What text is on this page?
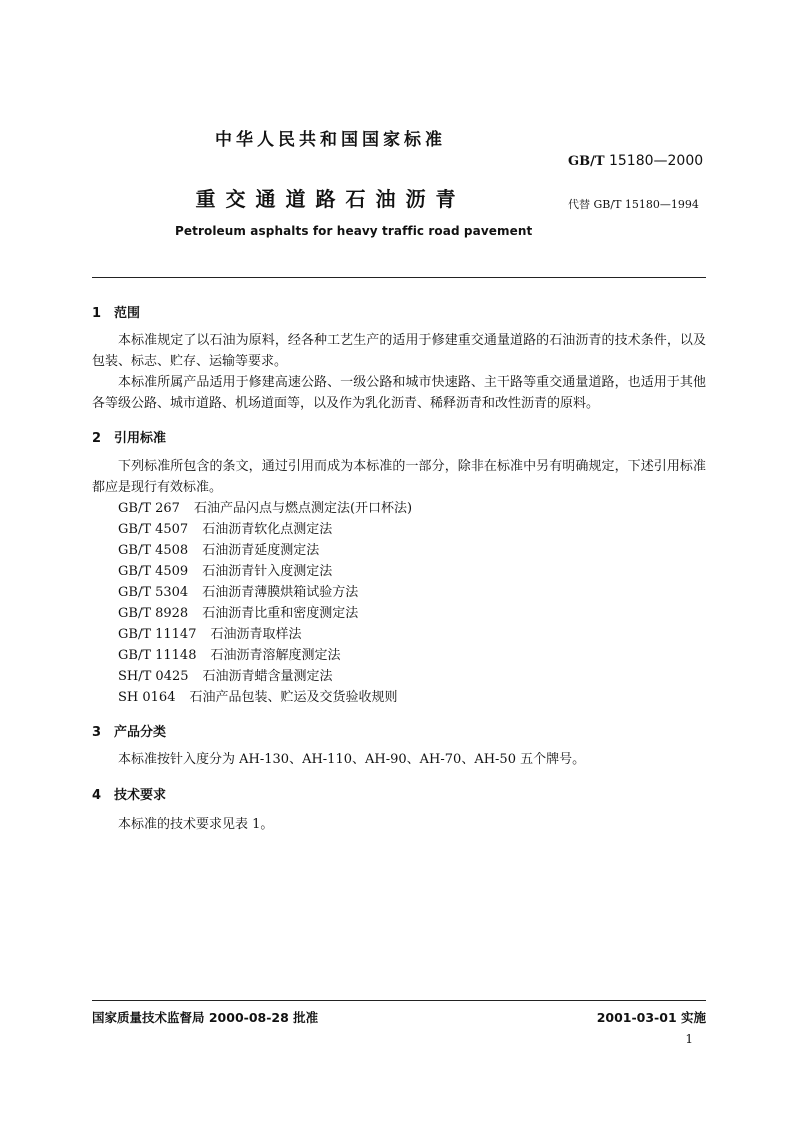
中华人民共和国国家标准
GB/T 15180—2000
重交通道路石油沥青	代替 GB/T 15180—1994
Petroleum asphalts for heavy traffic road pavement
1 范围
本标准规定了以石油为原料，经各种工艺生产的适用于修建重交通量道路的石油沥青的技术条件，以及包装、标志、贮存、运输等要求。
本标准所属产品适用于修建高速公路、一级公路和城市快速路、主干路等重交通量道路，也适用于其他各等级公路、城市道路、机场道面等，以及作为乳化沥青、稀释沥青和改性沥青的原料。
2 引用标准
下列标准所包含的条文，通过引用而成为本标准的一部分，除非在标准中另有明确规定，下述引用标准都应是现行有效标准。
GB/T 267 石油产品闪点与燃点测定法(开口杯法)
GB/T 4507 石油沥青软化点测定法
GB/T 4508 石油沥青延度测定法
GB/T 4509 石油沥青针入度测定法
GB/T 5304 石油沥青薄膜烘箱试验方法
GB/T 8928 石油沥青比重和密度测定法
GB/T 11147 石油沥青取样法
GB/T 11148 石油沥青溶解度测定法
SH/T 0425 石油沥青蜡含量测定法
SH 0164 石油产品包装、贮运及交货验收规则
3 产品分类
本标准按针入度分为 AH-130、AH-110、AH-90、AH-70、AH-50 五个牌号。
4 技术要求
本标准的技术要求见表 1。
国家质量技术监督局 2000-08-28 批准	2001-03-01 实施
1
